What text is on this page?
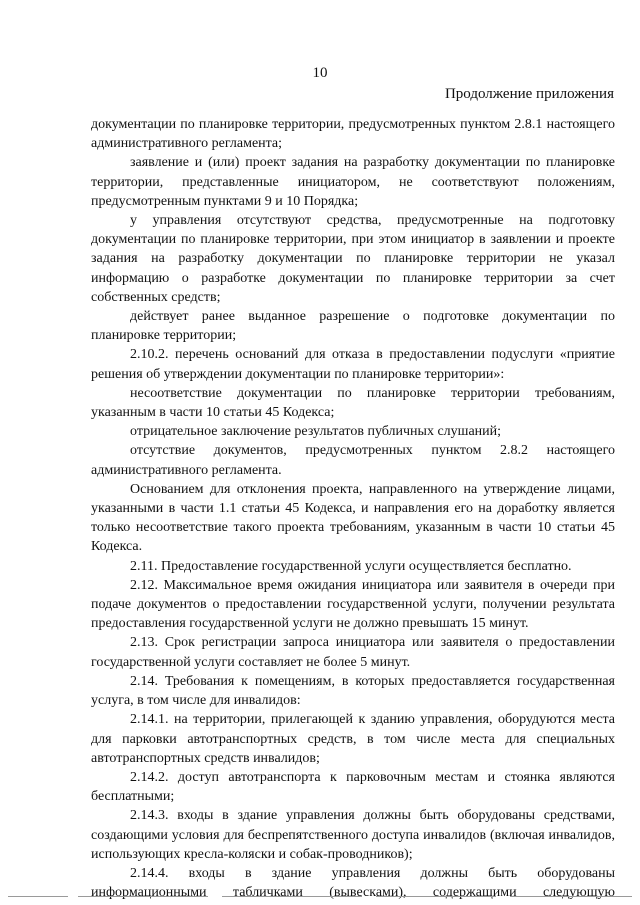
10
Продолжение приложения

документации по планировке территории, предусмотренных пунктом 2.8.1 настоящего административного регламента;

заявление и (или) проект задания на разработку документации по планировке территории, представленные инициатором, не соответствуют положениям, предусмотренным пунктами 9 и 10 Порядка;

у управления отсутствуют средства, предусмотренные на подготовку документации по планировке территории, при этом инициатор в заявлении и проекте задания на разработку документации по планировке территории не указал информацию о разработке документации по планировке территории за счет собственных средств;

действует ранее выданное разрешение о подготовке документации по планировке территории;

2.10.2. перечень оснований для отказа в предоставлении подуслуги «приятие решения об утверждении документации по планировке территории»:

несоответствие документации по планировке территории требованиям, указанным в части 10 статьи 45 Кодекса;

отрицательное заключение результатов публичных слушаний;

отсутствие документов, предусмотренных пунктом 2.8.2 настоящего административного регламента.

Основанием для отклонения проекта, направленного на утверждение лицами, указанными в части 1.1 статьи 45 Кодекса, и направления его на доработку является только несоответствие такого проекта требованиям, указанным в части 10 статьи 45 Кодекса.

2.11. Предоставление государственной услуги осуществляется бесплатно.

2.12. Максимальное время ожидания инициатора или заявителя в очереди при подаче документов о предоставлении государственной услуги, получении результата предоставления государственной услуги не должно превышать 15 минут.

2.13. Срок регистрации запроса инициатора или заявителя о предоставлении государственной услуги составляет не более 5 минут.

2.14. Требования к помещениям, в которых предоставляется государственная услуга, в том числе для инвалидов:

2.14.1. на территории, прилегающей к зданию управления, оборудуются места для парковки автотранспортных средств, в том числе места для специальных автотранспортных средств инвалидов;

2.14.2. доступ автотранспорта к парковочным местам и стоянка являются бесплатными;

2.14.3. входы в здание управления должны быть оборудованы средствами, создающими условия для беспрепятственного доступа инвалидов (включая инвалидов, использующих кресла-коляски и собак-проводников);

2.14.4. входы в здание управления должны быть оборудованы информационными табличками (вывесками), содержащими следующую
